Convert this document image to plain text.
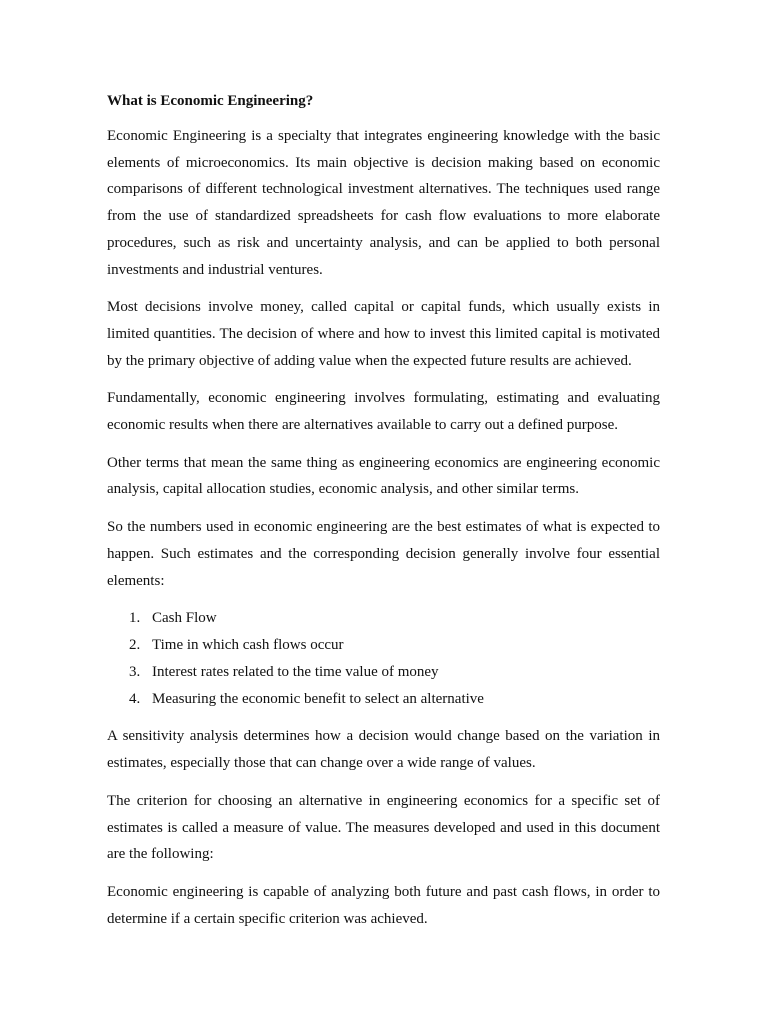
What is Economic Engineering?

Economic Engineering is a specialty that integrates engineering knowledge with the basic elements of microeconomics. Its main objective is decision making based on economic comparisons of different technological investment alternatives. The techniques used range from the use of standardized spreadsheets for cash flow evaluations to more elaborate procedures, such as risk and uncertainty analysis, and can be applied to both personal investments and industrial ventures.

Most decisions involve money, called capital or capital funds, which usually exists in limited quantities. The decision of where and how to invest this limited capital is motivated by the primary objective of adding value when the expected future results are achieved.

Fundamentally, economic engineering involves formulating, estimating and evaluating economic results when there are alternatives available to carry out a defined purpose.

Other terms that mean the same thing as engineering economics are engineering economic analysis, capital allocation studies, economic analysis, and other similar terms.

So the numbers used in economic engineering are the best estimates of what is expected to happen. Such estimates and the corresponding decision generally involve four essential elements:

1. Cash Flow
2. Time in which cash flows occur
3. Interest rates related to the time value of money
4. Measuring the economic benefit to select an alternative

A sensitivity analysis determines how a decision would change based on the variation in estimates, especially those that can change over a wide range of values.

The criterion for choosing an alternative in engineering economics for a specific set of estimates is called a measure of value. The measures developed and used in this document are the following:

Economic engineering is capable of analyzing both future and past cash flows, in order to determine if a certain specific criterion was achieved.
